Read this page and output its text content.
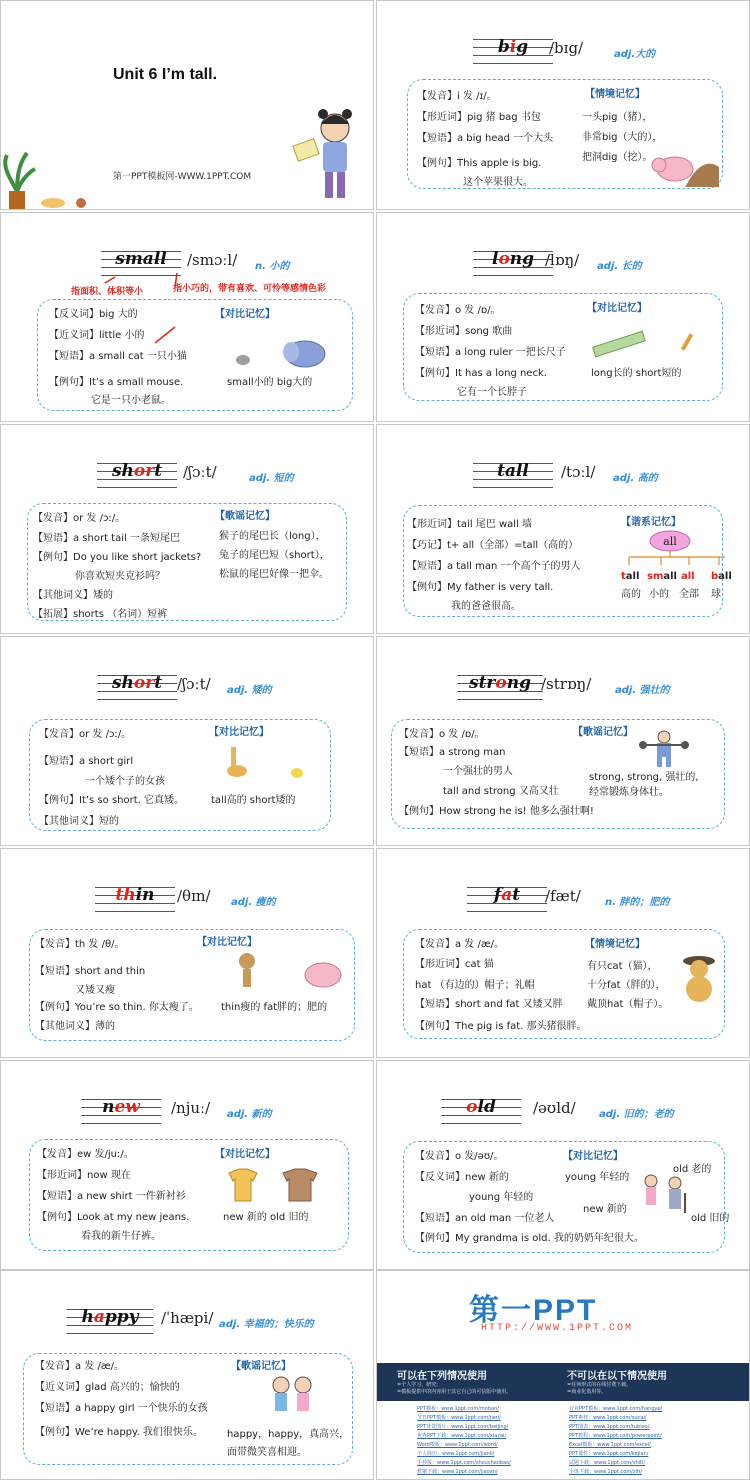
Unit 6 I’m tall.
第一PPT模板网-WWW.1PPT.COM
big	/bɪg/	adj.大的
【发音】i 发 /ɪ/。	【情境记忆】
【形近词】pig 猪 bag 书包	一头pig（猪），
【短语】a big head 一个大头	非常big（大的），
【例句】This apple is big.
把洞dig（挖）。
这个苹果很大。
small	/smɔːl/ n. 小的
指面积、体积等小	指小巧的，带有喜欢、可怜等感情色彩
【反义词】big 大的	【对比记忆】
【近义词】little 小的
【短语】a small cat 一只小猫
【例句】It’s a small mouse.	small小的 big大的
它是一只小老鼠。
long /lɒŋ/ adj. 长的
【发音】o 发 /ɒ/。	【对比记忆】
【形近词】song 歌曲
【短语】a long ruler 一把长尺子
【例句】It has a long neck.	long长的 short短的
它有一个长脖子
short	/ʃɔːt/	adj. 短的
【发音】or 发 /ɔː/。	【歌谣记忆】
【短语】a short tail 一条短尾巴	猴子的尾巴长（long），
【例句】Do you like short jackets? 兔子的尾巴短（short），
你喜欢短夹克衫吗？	松鼠的尾巴好像一把伞。
【其他词义】矮的
【拓展】shorts （名词）短裤
tall	/tɔːl/ adj. 高的
【形近词】tail 尾巴 wall 墙	【谐系记忆】
【巧记】t+ all（全部）=tall（高的）
【短语】a tall man 一个高个子的男人
【例句】My father is very tall.
我的爸爸很高。
all
tall small all ball
高的 小的 全部 球
short /ʃɔːt/ adj. 矮的
【发音】or 发 /ɔː/。	【对比记忆】
【短语】a short girl
一个矮个子的女孩
【例句】It’s so short. 它真矮。	tall高的 short矮的
【其他词义】短的
strong /strɒŋ/ adj. 强壮的
【发音】o 发 /ɒ/。	【歌谣记忆】
【短语】a strong man
一个强壮的男人
tall and strong 又高又壮
strong, strong, 强壮的,
经常锻炼身体壮。
【例句】How strong he is! 他多么强壮啊!
thin	/θɪn/ adj. 瘦的
【发音】th 发 /θ/。	【对比记忆】
【短语】short and thin
又矮又瘦
【例句】You’re so thin. 你太瘦了。 thin瘦的 fat胖的；肥的
【其他词义】薄的
fat	/fæt/ n. 胖的；肥的
【发音】a 发 /æ/。	【情境记忆】
【形近词】cat 猫	有只cat（猫），
hat （有边的）帽子；礼帽	十分fat（胖的），
【短语】short and fat 又矮又胖 戴顶hat（帽子）。
【例句】The pig is fat. 那头猪很胖。
new	/njuː/ adj. 新的
【发音】ew 发/juː/。	【对比记忆】
【形近词】now 现在
【短语】a new shirt 一件新衬衫
【例句】Look at my new jeans.	new 新的 old 旧的
看我的新牛仔裤。
old	/əʊld/ adj. 旧的；老的
【发音】o 发/əʊ/。	【对比记忆】
【反义词】new 新的	young 年轻的
old 老的
young 年轻的
new 新的
【短语】an old man 一位老人	old 旧的
【例句】My grandma is old. 我的奶奶年纪很大。
happy	/ˈhæpi/ adj. 幸福的；快乐的
【发音】a 发 /æ/。	【歌谣记忆】
【近义词】glad 高兴的；愉快的
【短语】a happy girl 一个快乐的女孩
【例句】We’re happy. 我们很快乐。 happy，happy，真高兴，
面带微笑喜相迎。
第一PPT
HTTP://WWW.1PPT.COM
可以在下列情况使用
=个人学习、研究;
=模板提供中的内容用于其它自己的可信版中使用。
不可以在以下情况使用
=任何形式的在线付费下载。
=商业化盗用等。
PPT模板：www.1ppt.com/moban/
节日PPT模板：www.1ppt.com/jieri/
PPT背景图片：www.1ppt.com/beijing/
优秀PPT下载：www.1ppt.com/xiazai/
Word模板：www.1ppt.com/word/
个人简历：www.1ppt.com/jianli/
手抄报：www.1ppt.com/shouchaobao/
教案下载：www.1ppt.com/jiaoan/
行业PPT模板：www.1ppt.com/hangye/
PPT素材：www.1ppt.com/sucai/
PPT图表：www.1ppt.com/tubiao/
PPT教程：www.1ppt.com/powerpoint/
Excel模板：www.1ppt.com/excel/
PPT课件：www.1ppt.com/kejian/
试题下载：www.1ppt.com/shiti/
字体下载：www.1ppt.com/ziti/
